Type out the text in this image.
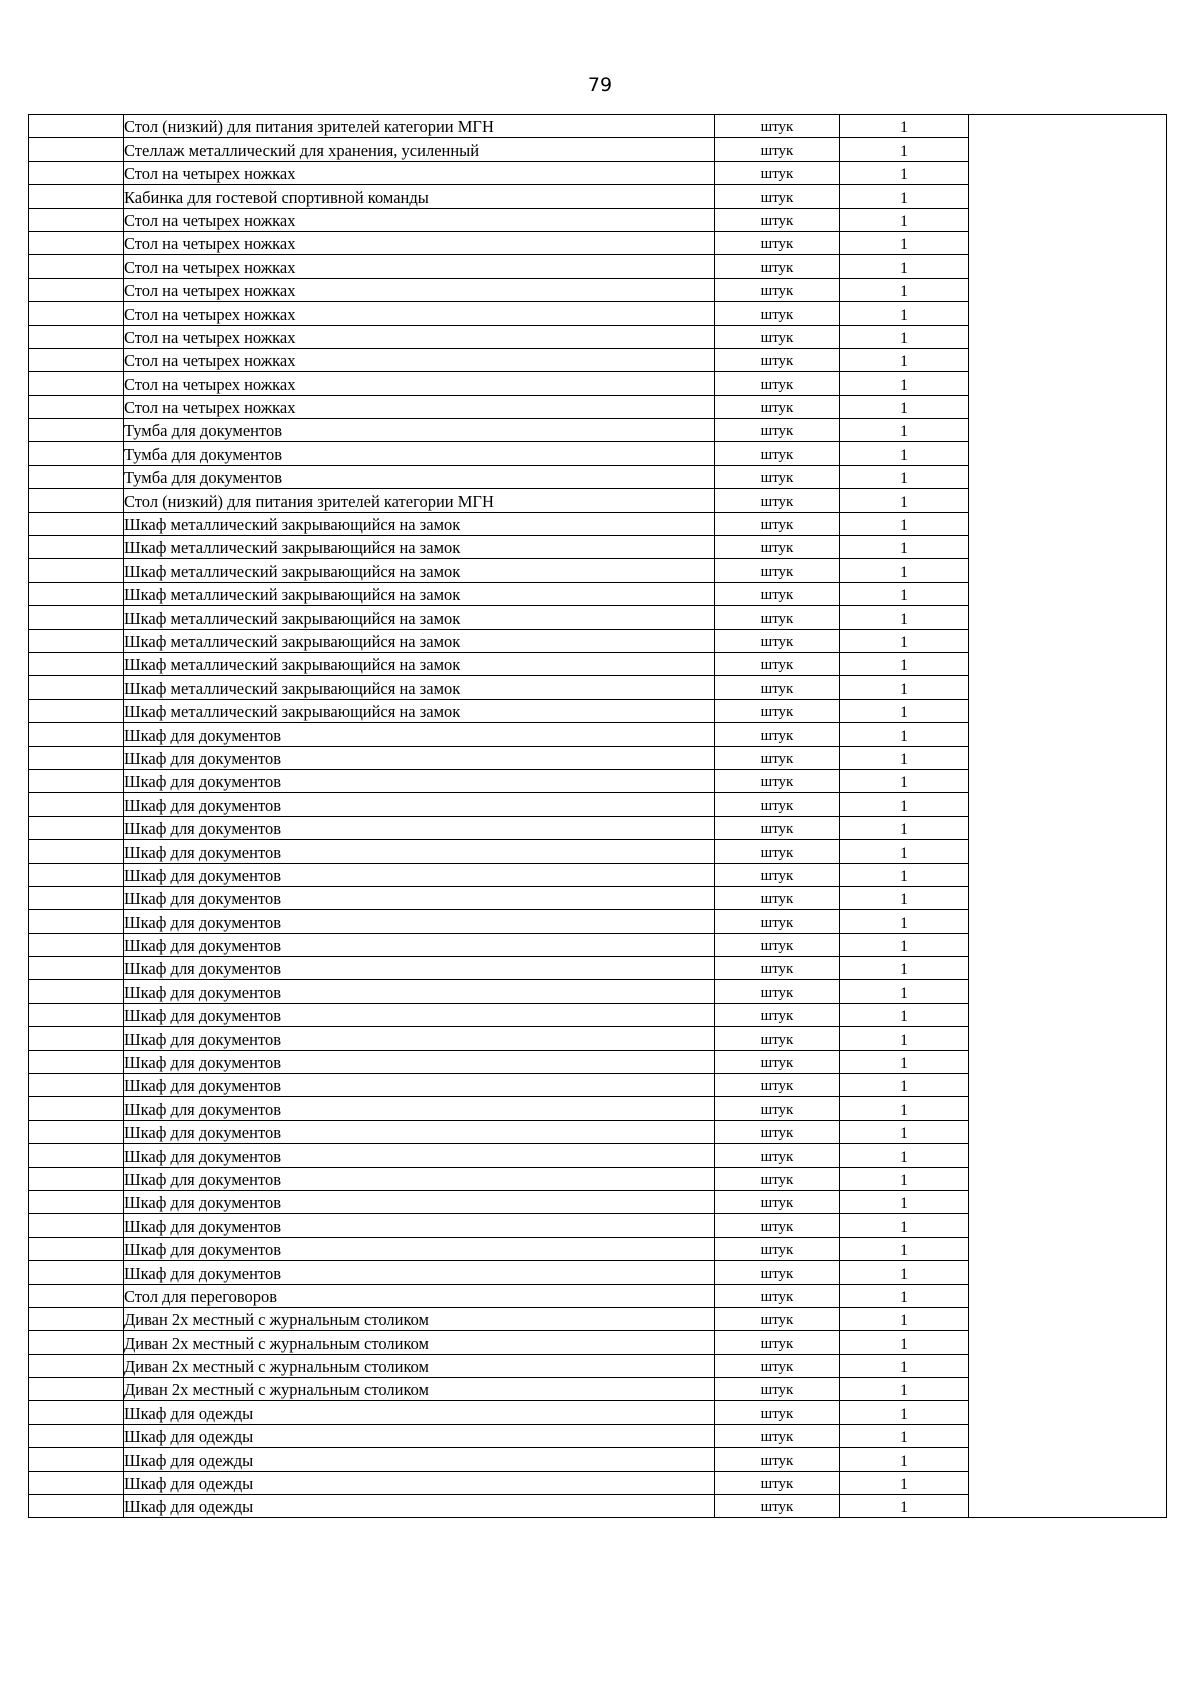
79
	Стол (низкий) для питания зрителей категории МГН	штук	1	
	Стеллаж металлический для хранения, усиленный	штук	1	
	Стол на четырех ножках	штук	1	
	Кабинка для гостевой спортивной команды	штук	1	
	Стол на четырех ножках	штук	1	
	Стол на четырех ножках	штук	1	
	Стол на четырех ножках	штук	1	
	Стол на четырех ножках	штук	1	
	Стол на четырех ножках	штук	1	
	Стол на четырех ножках	штук	1	
	Стол на четырех ножках	штук	1	
	Стол на четырех ножках	штук	1	
	Стол на четырех ножках	штук	1	
	Тумба для документов	штук	1	
	Тумба для документов	штук	1	
	Тумба для документов	штук	1	
	Стол (низкий) для питания зрителей категории МГН	штук	1	
	Шкаф металлический закрывающийся на замок	штук	1	
	Шкаф металлический закрывающийся на замок	штук	1	
	Шкаф металлический закрывающийся на замок	штук	1	
	Шкаф металлический закрывающийся на замок	штук	1	
	Шкаф металлический закрывающийся на замок	штук	1	
	Шкаф металлический закрывающийся на замок	штук	1	
	Шкаф металлический закрывающийся на замок	штук	1	
	Шкаф металлический закрывающийся на замок	штук	1	
	Шкаф металлический закрывающийся на замок	штук	1	
	Шкаф для документов	штук	1	
	Шкаф для документов	штук	1	
	Шкаф для документов	штук	1	
	Шкаф для документов	штук	1	
	Шкаф для документов	штук	1	
	Шкаф для документов	штук	1	
	Шкаф для документов	штук	1	
	Шкаф для документов	штук	1	
	Шкаф для документов	штук	1	
	Шкаф для документов	штук	1	
	Шкаф для документов	штук	1	
	Шкаф для документов	штук	1	
	Шкаф для документов	штук	1	
	Шкаф для документов	штук	1	
	Шкаф для документов	штук	1	
	Шкаф для документов	штук	1	
	Шкаф для документов	штук	1	
	Шкаф для документов	штук	1	
	Шкаф для документов	штук	1	
	Шкаф для документов	штук	1	
	Шкаф для документов	штук	1	
	Шкаф для документов	штук	1	
	Шкаф для документов	штук	1	
	Шкаф для документов	штук	1	
	Стол для переговоров	штук	1	
	Диван 2х местный с журнальным столиком	штук	1	
	Диван 2х местный с журнальным столиком	штук	1	
	Диван 2х местный с журнальным столиком	штук	1	
	Диван 2х местный с журнальным столиком	штук	1	
	Шкаф для одежды	штук	1	
	Шкаф для одежды	штук	1	
	Шкаф для одежды	штук	1	
	Шкаф для одежды	штук	1	
	Шкаф для одежды	штук	1	
